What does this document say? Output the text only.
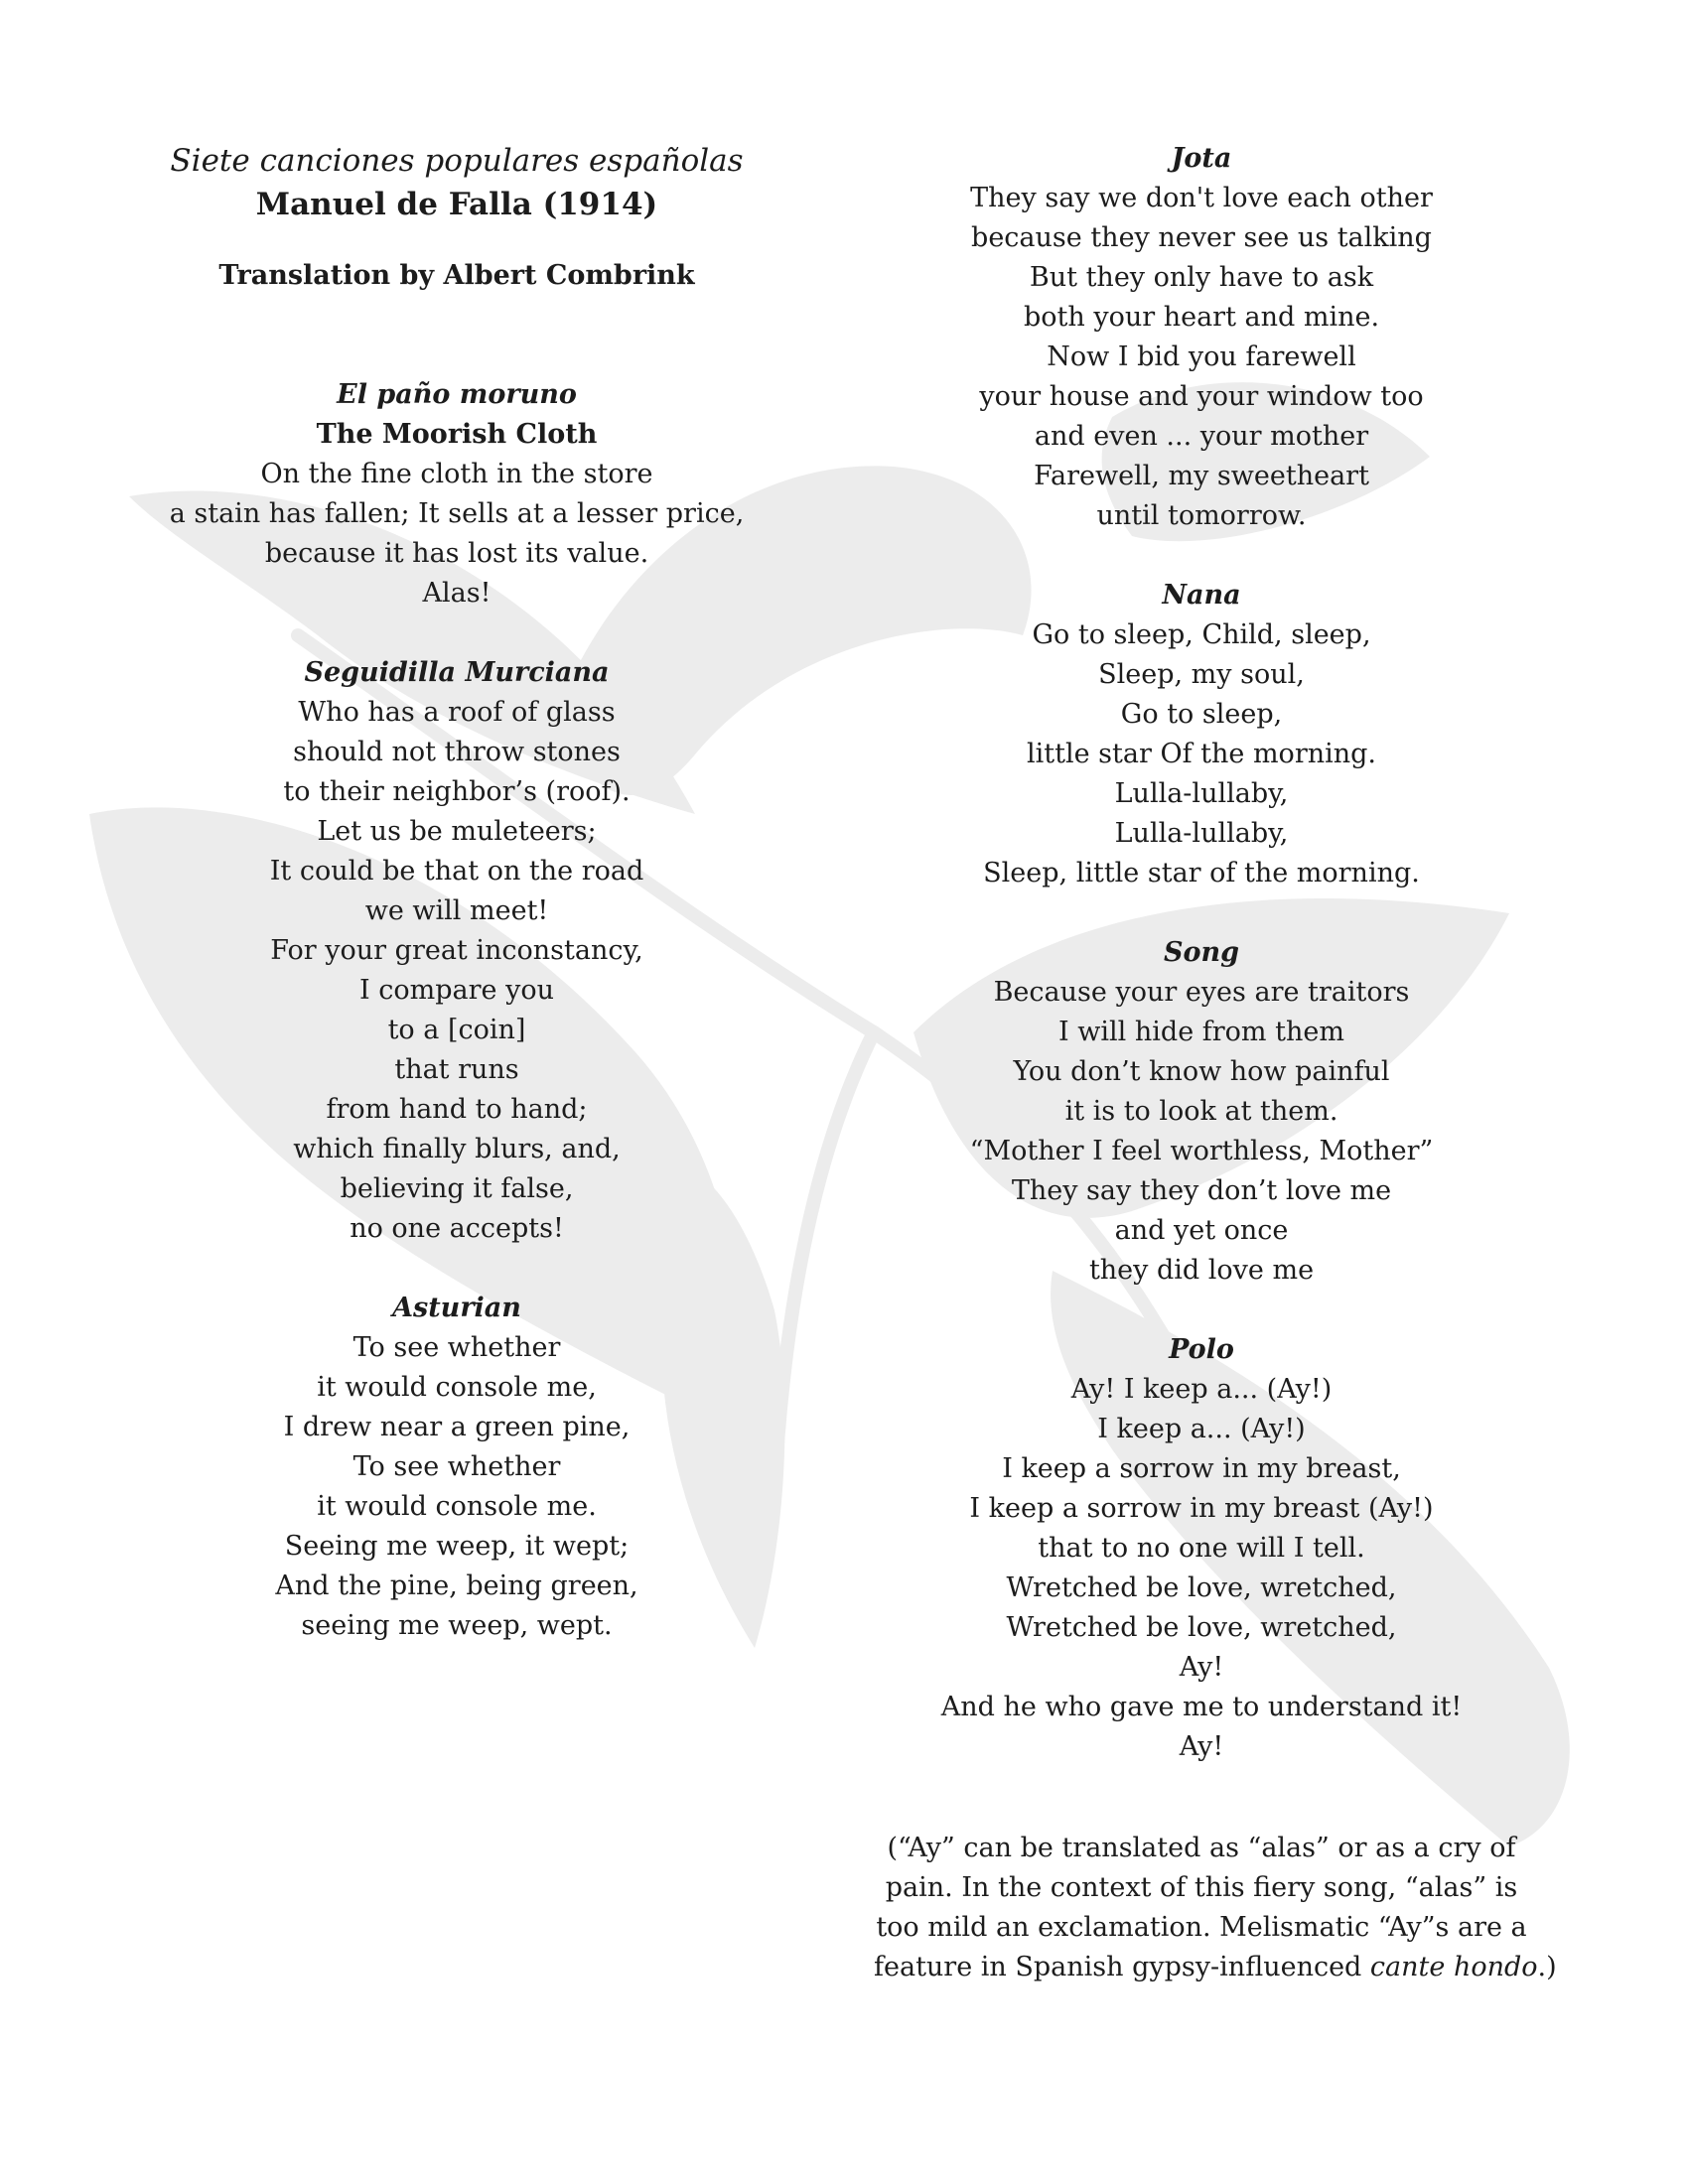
Siete canciones populares españolas

Manuel de Falla (1914)

Translation by Albert Combrink

El paño moruno
The Moorish Cloth

On the fine cloth in the store

a stain has fallen; It sells at a lesser price,

because it has lost its value.

Alas!

Seguidilla Murciana

Who has a roof of glass

should not throw stones

to their neighbor’s (roof).

Let us be muleteers;

It could be that on the road

we will meet!

For your great inconstancy,

I compare you

to a [coin]

that runs

from hand to hand;

which finally blurs, and,

believing it false,

no one accepts!

Asturian

To see whether

it would console me,

I drew near a green pine,

To see whether

it would console me.

Seeing me weep, it wept;

And the pine, being green,

seeing me weep, wept.

Jota

They say we don't love each other

because they never see us talking

But they only have to ask

both your heart and mine.

Now I bid you farewell

your house and your window too

and even ... your mother

Farewell, my sweetheart

until tomorrow.

Nana

Go to sleep, Child, sleep,

Sleep, my soul,

Go to sleep,

little star Of the morning.

Lulla-lullaby,

Lulla-lullaby,

Sleep, little star of the morning.

Song

Because your eyes are traitors

I will hide from them

You don’t know how painful

it is to look at them.

“Mother I feel worthless, Mother”

They say they don’t love me

and yet once

they did love me

Polo

Ay! I keep a... (Ay!)

I keep a... (Ay!)

I keep a sorrow in my breast,

I keep a sorrow in my breast (Ay!)

that to no one will I tell.

Wretched be love, wretched,

Wretched be love, wretched,

Ay!

And he who gave me to understand it!

Ay!

(“Ay” can be translated as “alas” or as a cry of
pain. In the context of this fiery song, “alas” is
too mild an exclamation. Melismatic “Ay”s are a
feature in Spanish gypsy-influenced cante hondo.)
